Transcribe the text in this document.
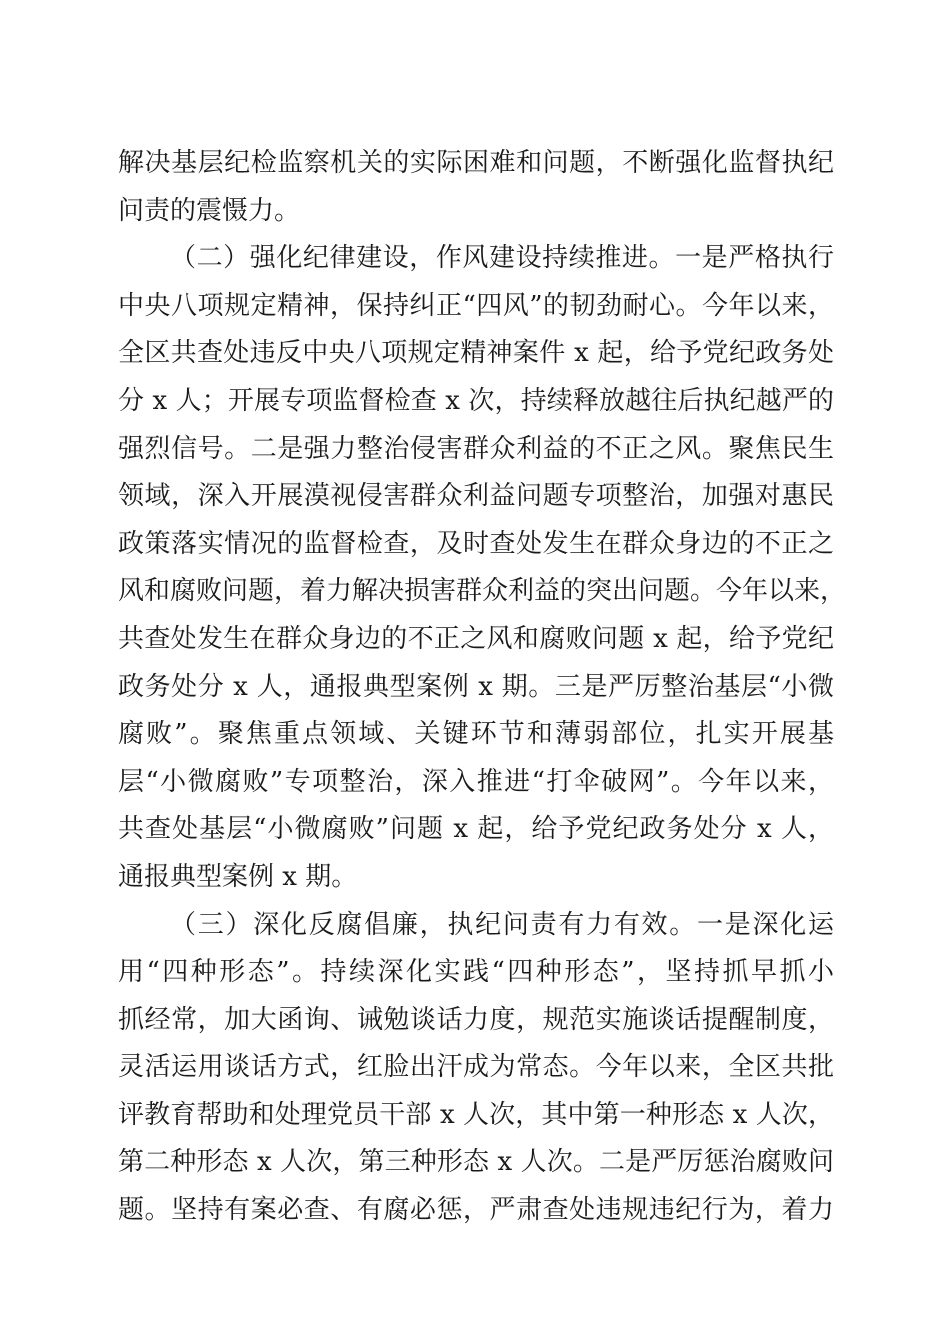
解决基层纪检监察机关的实际困难和问题，不断强化监督执纪
问责的震慑力。
（二）强化纪律建设，作风建设持续推进。一是严格执行
中央八项规定精神，保持纠正“四风”的韧劲耐心。今年以来，
全区共查处违反中央八项规定精神案件 x 起，给予党纪政务处
分 x 人；开展专项监督检查 x 次，持续释放越往后执纪越严的
强烈信号。二是强力整治侵害群众利益的不正之风。聚焦民生
领域，深入开展漠视侵害群众利益问题专项整治，加强对惠民
政策落实情况的监督检查，及时查处发生在群众身边的不正之
风和腐败问题，着力解决损害群众利益的突出问题。今年以来，
共查处发生在群众身边的不正之风和腐败问题 x 起，给予党纪
政务处分 x 人，通报典型案例 x 期。三是严厉整治基层“小微
腐败”。聚焦重点领域、关键环节和薄弱部位，扎实开展基
层“小微腐败”专项整治，深入推进“打伞破网”。今年以来，
共查处基层“小微腐败”问题 x 起，给予党纪政务处分 x 人，
通报典型案例 x 期。
（三）深化反腐倡廉，执纪问责有力有效。一是深化运
用“四种形态”。持续深化实践“四种形态”，坚持抓早抓小
抓经常，加大函询、诫勉谈话力度，规范实施谈话提醒制度，
灵活运用谈话方式，红脸出汗成为常态。今年以来，全区共批
评教育帮助和处理党员干部 x 人次，其中第一种形态 x 人次，
第二种形态 x 人次，第三种形态 x 人次。二是严厉惩治腐败问
题。坚持有案必查、有腐必惩，严肃查处违规违纪行为，着力
